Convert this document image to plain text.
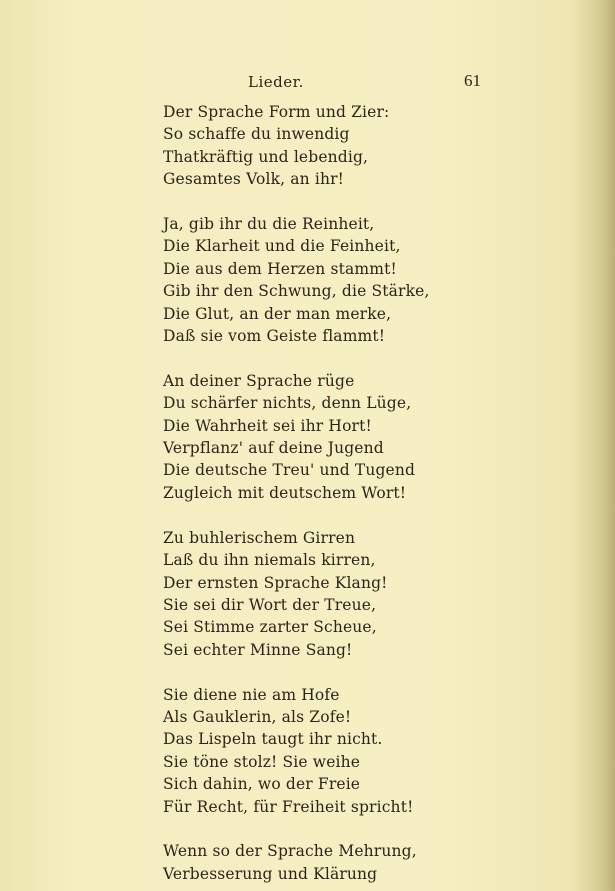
Lieder.	61
Der Sprache Form und Zier:
So schaffe du inwendig
Thatkräftig und lebendig,
Gesamtes Volk, an ihr!
Ja, gib ihr du die Reinheit,
Die Klarheit und die Feinheit,
Die aus dem Herzen stammt!
Gib ihr den Schwung, die Stärke,
Die Glut, an der man merke,
Daß sie vom Geiste flammt!
An deiner Sprache rüge
Du schärfer nichts, denn Lüge,
Die Wahrheit sei ihr Hort!
Verpflanz' auf deine Jugend
Die deutsche Treu' und Tugend
Zugleich mit deutschem Wort!
Zu buhlerischem Girren
Laß du ihn niemals kirren,
Der ernsten Sprache Klang!
Sie sei dir Wort der Treue,
Sei Stimme zarter Scheue,
Sei echter Minne Sang!
Sie diene nie am Hofe
Als Gauklerin, als Zofe!
Das Lispeln taugt ihr nicht.
Sie töne stolz! Sie weihe
Sich dahin, wo der Freie
Für Recht, für Freiheit spricht!
Wenn so der Sprache Mehrung,
Verbesserung und Klärung
